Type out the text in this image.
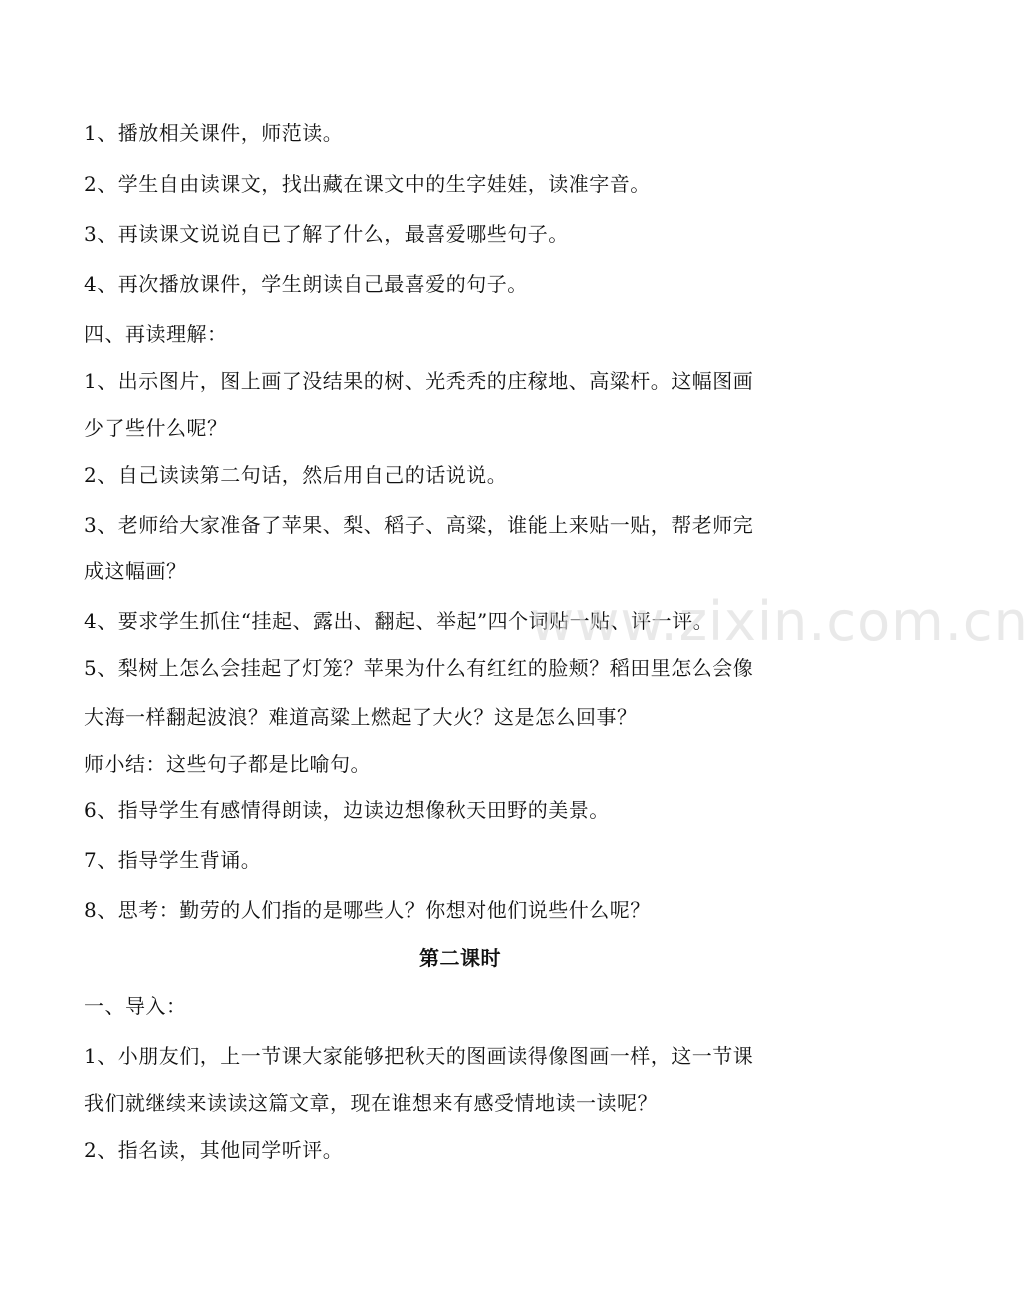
1、播放相关课件，师范读。
2、学生自由读课文，找出藏在课文中的生字娃娃，读准字音。
3、再读课文说说自已了解了什么，最喜爱哪些句子。
4、再次播放课件，学生朗读自己最喜爱的句子。
四、再读理解：
1、出示图片，图上画了没结果的树、光秃秃的庄稼地、高粱杆。这幅图画
少了些什么呢？
2、自己读读第二句话，然后用自己的话说说。
3、老师给大家准备了苹果、梨、稻子、高粱，谁能上来贴一贴，帮老师完
成这幅画？
4、要求学生抓住“挂起、露出、翻起、举起”四个词贴一贴、评一评。
5、梨树上怎么会挂起了灯笼？苹果为什么有红红的脸颊？稻田里怎么会像
大海一样翻起波浪？难道高粱上燃起了大火？这是怎么回事？
师小结：这些句子都是比喻句。
6、指导学生有感情得朗读，边读边想像秋天田野的美景。
7、指导学生背诵。
8、思考：勤劳的人们指的是哪些人？你想对他们说些什么呢？
第二课时
一、导入：
1、小朋友们，上一节课大家能够把秋天的图画读得像图画一样，这一节课
我们就继续来读读这篇文章，现在谁想来有感受情地读一读呢？
2、指名读，其他同学听评。
www.zixin.com.cn
